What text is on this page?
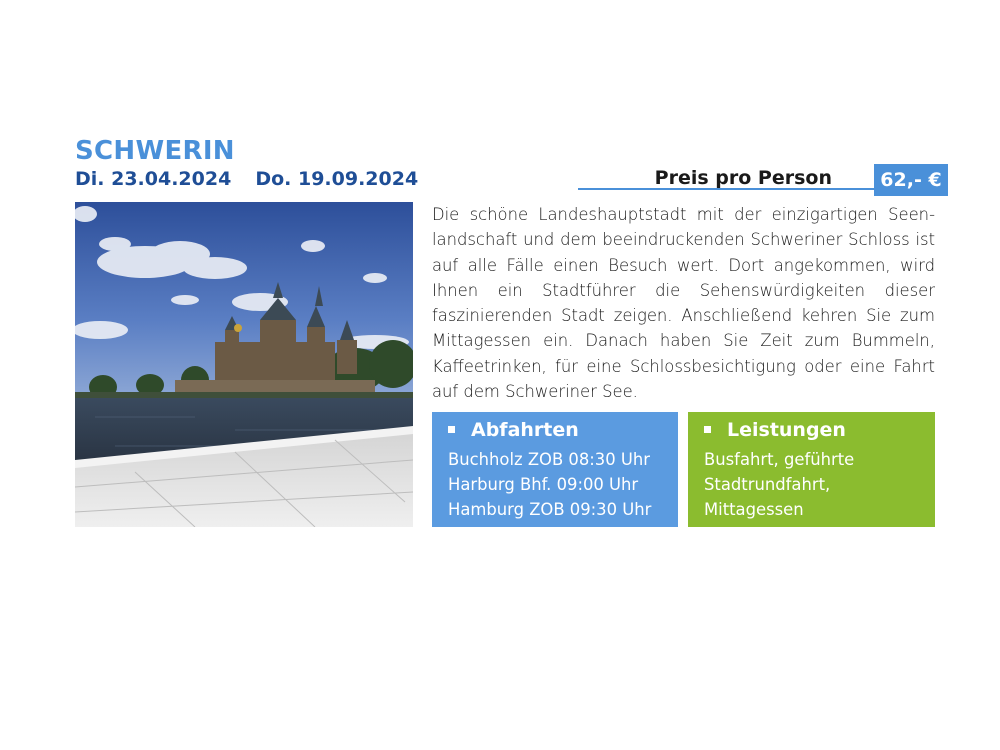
SCHWERIN
Di. 23.04.2024 Do. 19.09.2024	Preis pro Person	62,- €
Die schöne Landeshauptstadt mit der einzigartigen Seenlandschaft und dem beeindruckenden Schweriner Schloss ist auf alle Fälle einen Besuch wert. Dort angekommen, wird Ihnen ein Stadtführer die Sehenswürdigkeiten dieser faszinierenden Stadt zeigen. Anschließend kehren Sie zum Mittagessen ein. Danach haben Sie Zeit zum Bummeln, Kaffeetrinken, für eine Schlossbesichtigung oder eine Fahrt auf dem Schweriner See.
Abfahrten
Buchholz ZOB 08:30 Uhr
Harburg Bhf. 09:00 Uhr
Hamburg ZOB 09:30 Uhr
Leistungen
Busfahrt, geführte
Stadtrundfahrt,
Mittagessen
